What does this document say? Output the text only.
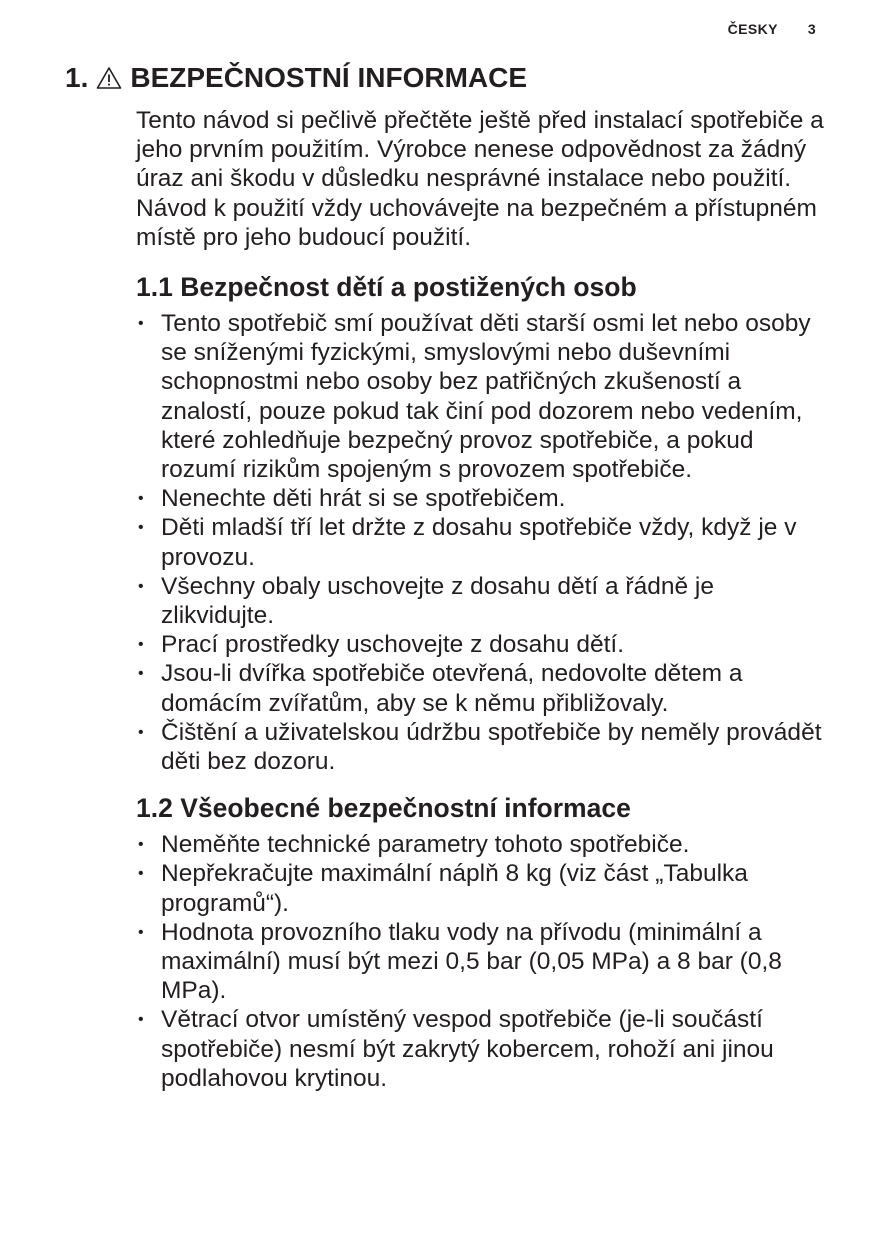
ČESKY 3
1. BEZPEČNOSTNÍ INFORMACE

Tento návod si pečlivě přečtěte ještě před instalací spotřebiče a jeho prvním použitím. Výrobce nenese odpovědnost za žádný úraz ani škodu v důsledku nesprávné instalace nebo použití. Návod k použití vždy uchovávejte na bezpečném a přístupném místě pro jeho budoucí použití.

1.1 Bezpečnost dětí a postižených osob
• Tento spotřebič smí používat děti starší osmi let nebo osoby se sníženými fyzickými, smyslovými nebo duševními schopnostmi nebo osoby bez patřičných zkušeností a znalostí, pouze pokud tak činí pod dozorem nebo vedením, které zohledňuje bezpečný provoz spotřebiče, a pokud rozumí rizikům spojeným s provozem spotřebiče.
• Nenechte děti hrát si se spotřebičem.
• Děti mladší tří let držte z dosahu spotřebiče vždy, když je v provozu.
• Všechny obaly uschovejte z dosahu dětí a řádně je zlikvidujte.
• Prací prostředky uschovejte z dosahu dětí.
• Jsou-li dvířka spotřebiče otevřená, nedovolte dětem a domácím zvířatům, aby se k němu přibližovaly.
• Čištění a uživatelskou údržbu spotřebiče by neměly provádět děti bez dozoru.
1.2 Všeobecné bezpečnostní informace
• Neměňte technické parametry tohoto spotřebiče.
• Nepřekračujte maximální náplň 8 kg (viz část „Tabulka programů“).
• Hodnota provozního tlaku vody na přívodu (minimální a maximální) musí být mezi 0,5 bar (0,05 MPa) a 8 bar (0,8 MPa).
• Větrací otvor umístěný vespod spotřebiče (je-li součástí spotřebiče) nesmí být zakrytý kobercem, rohoží ani jinou podlahovou krytinou.
